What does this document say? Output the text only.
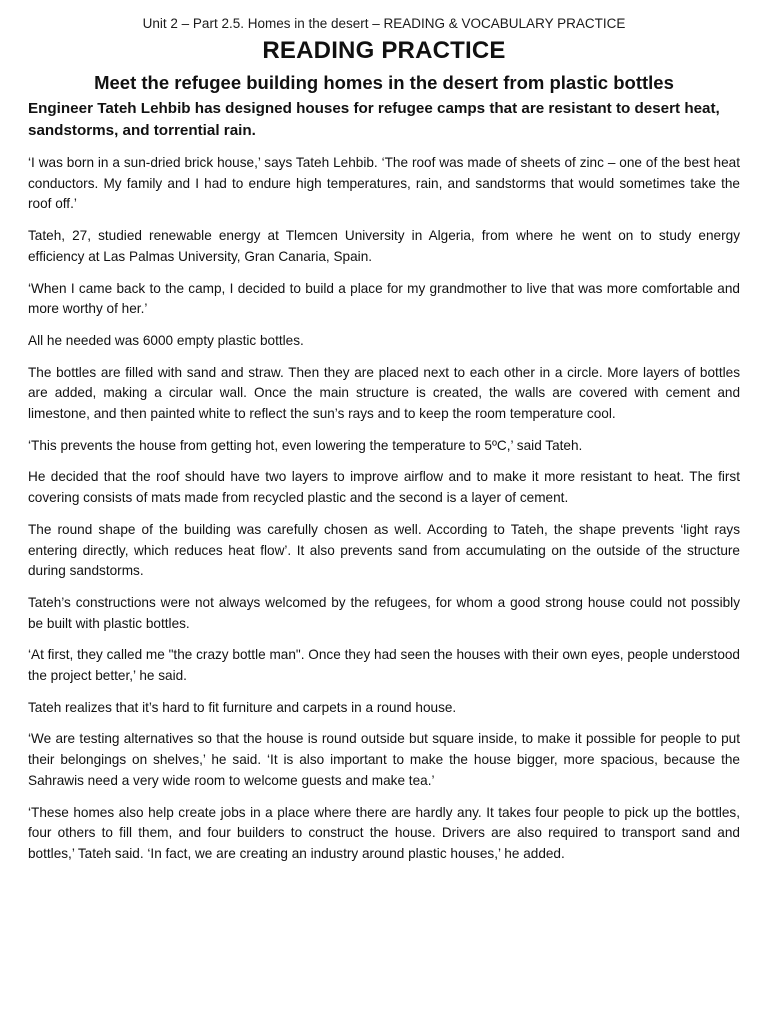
Unit 2 – Part 2.5. Homes in the desert – READING & VOCABULARY PRACTICE

READING PRACTICE
Meet the refugee building homes in the desert from plastic bottles

Engineer Tateh Lehbib has designed houses for refugee camps that are resistant to desert heat, sandstorms, and torrential rain.

‘I was born in a sun-dried brick house,’ says Tateh Lehbib. ‘The roof was made of sheets of zinc – one of the best heat conductors. My family and I had to endure high temperatures, rain, and sandstorms that would sometimes take the roof off.’

Tateh, 27, studied renewable energy at Tlemcen University in Algeria, from where he went on to study energy efficiency at Las Palmas University, Gran Canaria, Spain.

‘When I came back to the camp, I decided to build a place for my grandmother to live that was more comfortable and more worthy of her.’

All he needed was 6000 empty plastic bottles.

The bottles are filled with sand and straw. Then they are placed next to each other in a circle. More layers of bottles are added, making a circular wall. Once the main structure is created, the walls are covered with cement and limestone, and then painted white to reflect the sun’s rays and to keep the room temperature cool.

‘This prevents the house from getting hot, even lowering the temperature to 5ºC,’ said Tateh.

He decided that the roof should have two layers to improve airflow and to make it more resistant to heat. The first covering consists of mats made from recycled plastic and the second is a layer of cement.

The round shape of the building was carefully chosen as well. According to Tateh, the shape prevents ‘light rays entering directly, which reduces heat flow’. It also prevents sand from accumulating on the outside of the structure during sandstorms.

Tateh’s constructions were not always welcomed by the refugees, for whom a good strong house could not possibly be built with plastic bottles.

‘At first, they called me "the crazy bottle man". Once they had seen the houses with their own eyes, people understood the project better,’ he said.

Tateh realizes that it’s hard to fit furniture and carpets in a round house.

‘We are testing alternatives so that the house is round outside but square inside, to make it possible for people to put their belongings on shelves,’ he said. ‘It is also important to make the house bigger, more spacious, because the Sahrawis need a very wide room to welcome guests and make tea.’

‘These homes also help create jobs in a place where there are hardly any. It takes four people to pick up the bottles, four others to fill them, and four builders to construct the house. Drivers are also required to transport sand and bottles,’ Tateh said. ‘In fact, we are creating an industry around plastic houses,’ he added.
